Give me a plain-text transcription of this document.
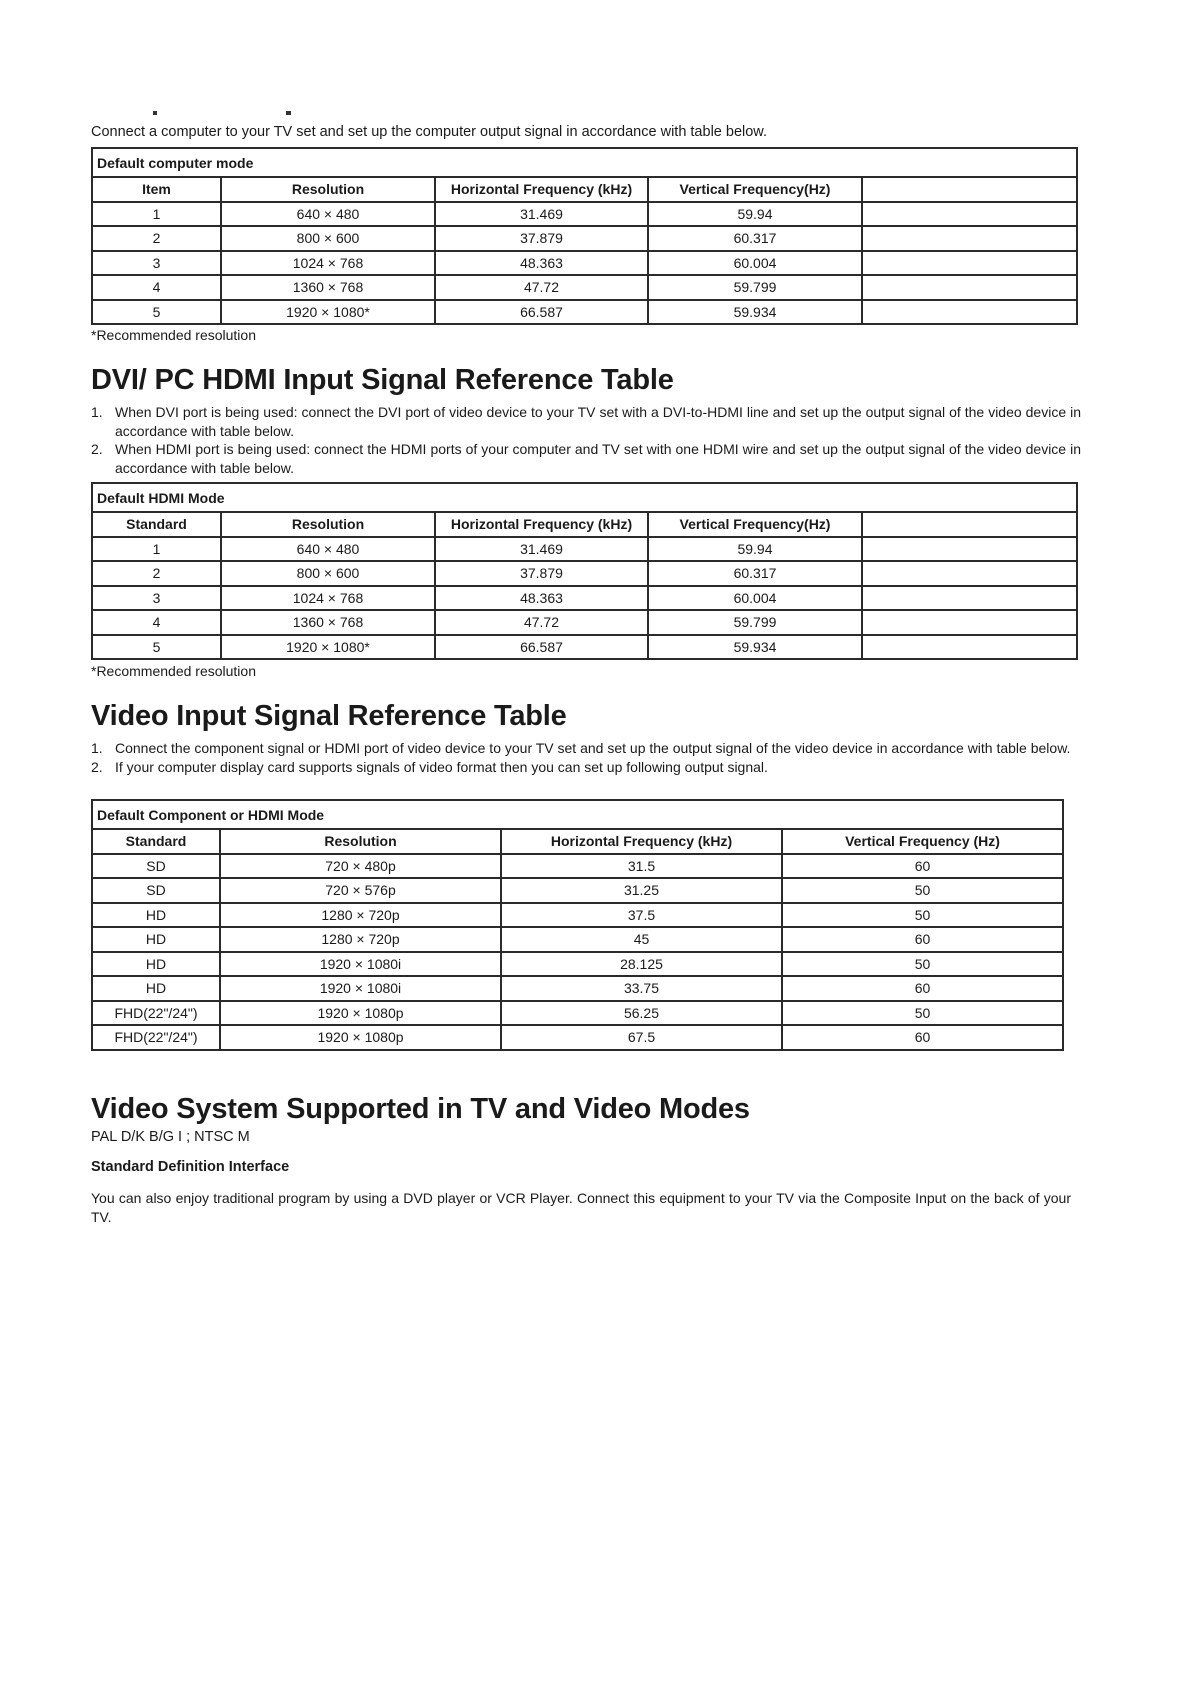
Connect a computer to your TV set and set up the computer output signal in accordance with table below.
Default computer mode				
Item	Resolution	Horizontal Frequency (kHz)	Vertical Frequency(Hz)	
1	640 × 480	31.469	59.94	
2	800 × 600	37.879	60.317	
3	1024 × 768	48.363	60.004	
4	1360 × 768	47.72	59.799	
5	1920 × 1080*	66.587	59.934	
*Recommended resolution
DVI/ PC HDMI Input Signal Reference Table
1. When DVI port is being used: connect the DVI port of video device to your TV set with a DVI-to-HDMI line and set up the output signal of the video device in accordance with table below.
2. When HDMI port is being used: connect the HDMI ports of your computer and TV set with one HDMI wire and set up the output signal of the video device in accordance with table below.
Default HDMI Mode				
Standard	Resolution	Horizontal Frequency (kHz)	Vertical Frequency(Hz)	
1	640 × 480	31.469	59.94	
2	800 × 600	37.879	60.317	
3	1024 × 768	48.363	60.004	
4	1360 × 768	47.72	59.799	
5	1920 × 1080*	66.587	59.934	
*Recommended resolution
Video Input Signal Reference Table
1. Connect the component signal or HDMI port of video device to your TV set and set up the output signal of the video device in accordance with table below.
2. If your computer display card supports signals of video format then you can set up following output signal.
Default Component or HDMI Mode			
Standard	Resolution	Horizontal Frequency (kHz)	Vertical Frequency (Hz)
SD	720 × 480p	31.5	60
SD	720 × 576p	31.25	50
HD	1280 × 720p	37.5	50
HD	1280 × 720p	45	60
HD	1920 × 1080i	28.125	50
HD	1920 × 1080i	33.75	60
FHD(22"/24")	1920 × 1080p	56.25	50
FHD(22"/24")	1920 × 1080p	67.5	60
Video System Supported in TV and Video Modes
PAL D/K B/G I ; NTSC M
Standard Definition Interface
You can also enjoy traditional program by using a DVD player or VCR Player. Connect this equipment to your TV via the Composite Input on the back of your TV.
